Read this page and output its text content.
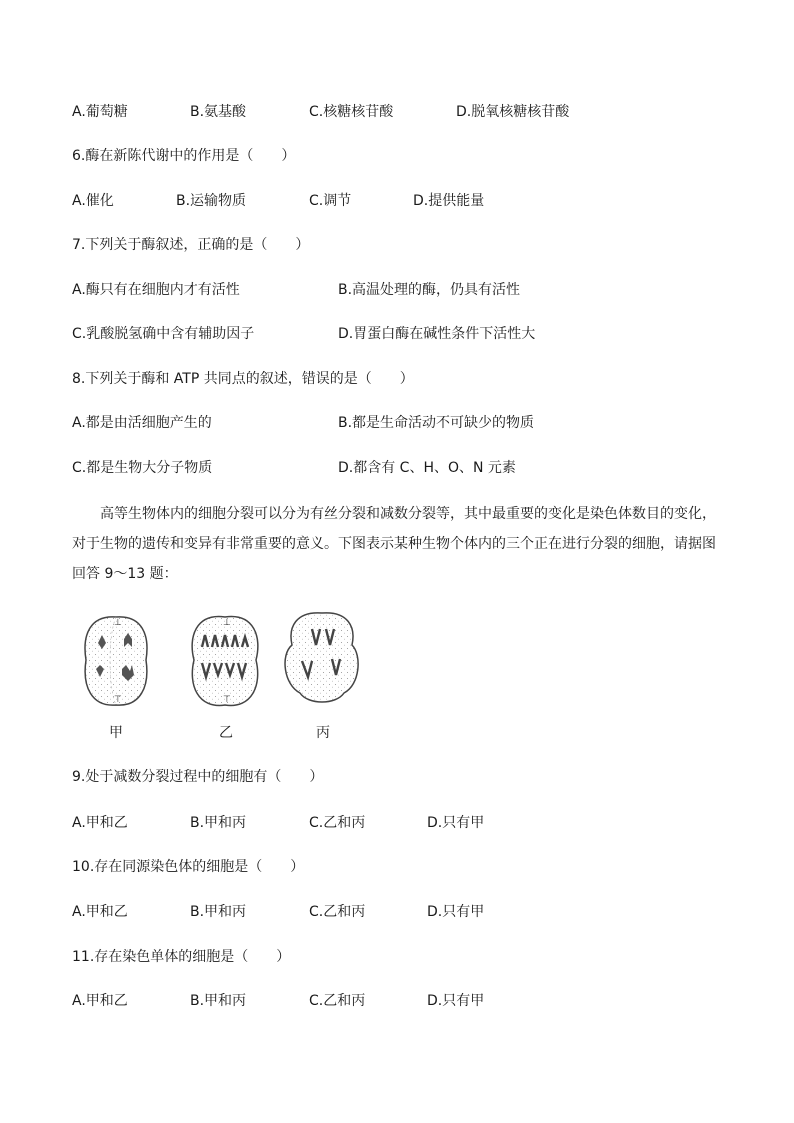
A.葡萄糖	B.氨基酸	C.核糖核苷酸	D.脱氧核糖核苷酸
6.酶在新陈代谢中的作用是（　　）
A.催化	B.运输物质	C.调节	D.提供能量
7.下列关于酶叙述，正确的是（　　）
A.酶只有在细胞内才有活性	B.高温处理的酶，仍具有活性
C.乳酸脱氢确中含有辅助因子	D.胃蛋白酶在碱性条件下活性大
8.下列关于酶和 ATP 共同点的叙述，错误的是（　　）
A.都是由活细胞产生的	B.都是生命活动不可缺少的物质
C.都是生物大分子物质	D.都含有 C、H、O、N 元素

高等生物体内的细胞分裂可以分为有丝分裂和减数分裂等，其中最重要的变化是染色体数目的变化，

对于生物的遗传和变异有非常重要的意义。下图表示某种生物个体内的三个正在进行分裂的细胞，请据图

回答 9～13 题：

⊥
⊤
⊥
⊤
甲	乙	丙
9.处于减数分裂过程中的细胞有（　　）
A.甲和乙	B.甲和丙	C.乙和丙	D.只有甲
10.存在同源染色体的细胞是（　　）
A.甲和乙	B.甲和丙	C.乙和丙	D.只有甲
11.存在染色单体的细胞是（　　）
A.甲和乙	B.甲和丙	C.乙和丙	D.只有甲
